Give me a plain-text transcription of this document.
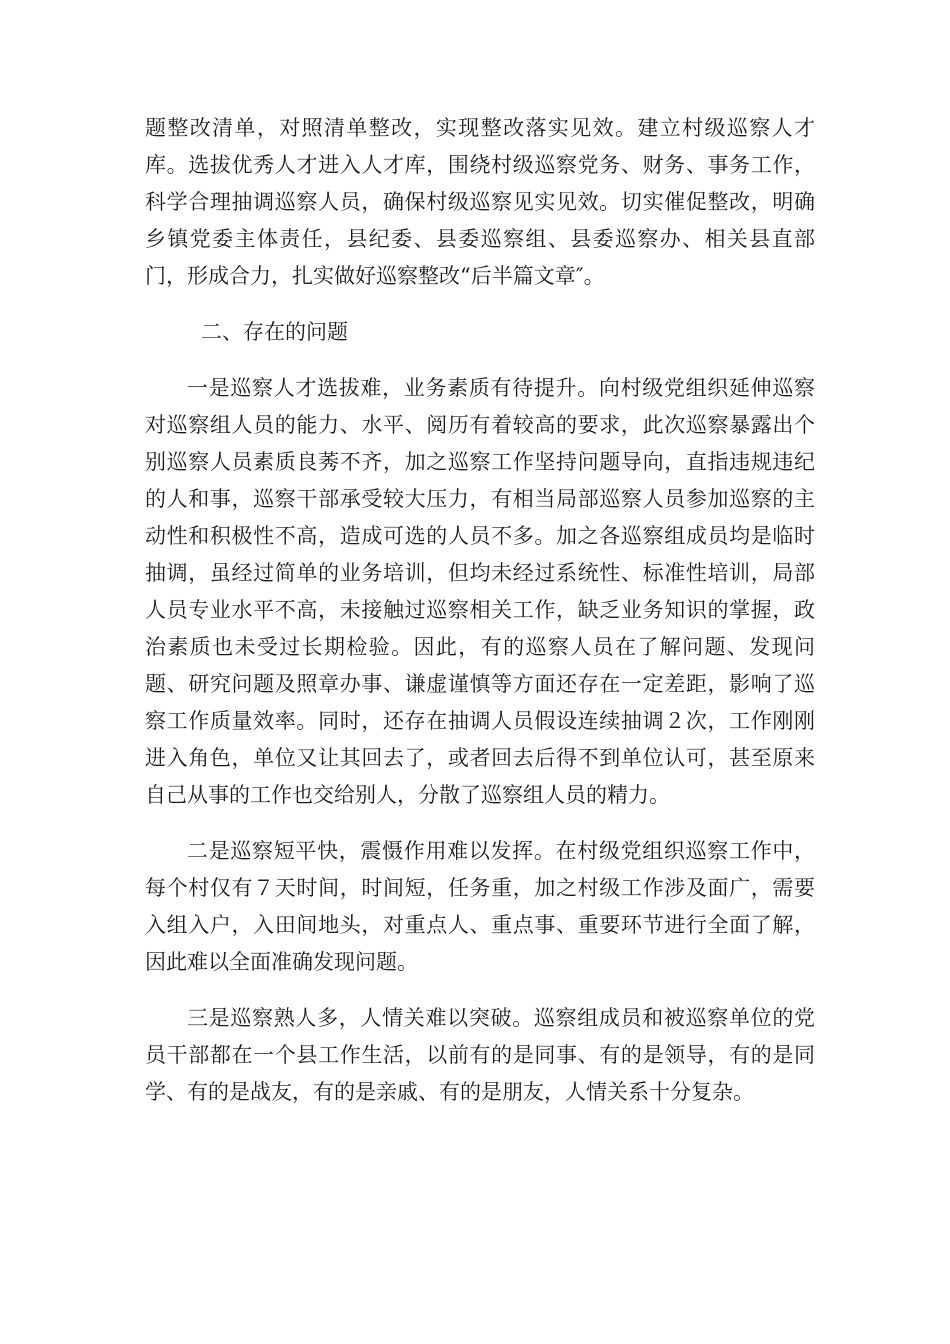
题整改清单，对照清单整改，实现整改落实见效。建立村级巡察人才库。选拔优秀人才进入人才库，围绕村级巡察党务、财务、事务工作，科学合理抽调巡察人员，确保村级巡察见实见效。切实催促整改，明确乡镇党委主体责任，县纪委、县委巡察组、县委巡察办、相关县直部门，形成合力，扎实做好巡察整改“后半篇文章″。

二、存在的问题

一是巡察人才选拔难，业务素质有待提升。向村级党组织延伸巡察对巡察组人员的能力、水平、阅历有着较高的要求，此次巡察暴露出个别巡察人员素质良莠不齐，加之巡察工作坚持问题导向，直指违规违纪的人和事，巡察干部承受较大压力，有相当局部巡察人员参加巡察的主动性和积极性不高，造成可选的人员不多。加之各巡察组成员均是临时抽调，虽经过简单的业务培训，但均未经过系统性、标准性培训，局部人员专业水平不高，未接触过巡察相关工作，缺乏业务知识的掌握，政治素质也未受过长期检验。因此，有的巡察人员在了解问题、发现问题、研究问题及照章办事、谦虚谨慎等方面还存在一定差距，影响了巡察工作质量效率。同时，还存在抽调人员假设连续抽调２次，工作刚刚进入角色，单位又让其回去了，或者回去后得不到单位认可，甚至原来自己从事的工作也交给别人，分散了巡察组人员的精力。

二是巡察短平快，震慑作用难以发挥。在村级党组织巡察工作中，每个村仅有７天时间，时间短，任务重，加之村级工作涉及面广，需要入组入户，入田间地头，对重点人、重点事、重要环节进行全面了解，因此难以全面准确发现问题。

三是巡察熟人多，人情关难以突破。巡察组成员和被巡察单位的党员干部都在一个县工作生活，以前有的是同事、有的是领导，有的是同学、有的是战友，有的是亲戚、有的是朋友，人情关系十分复杂。
